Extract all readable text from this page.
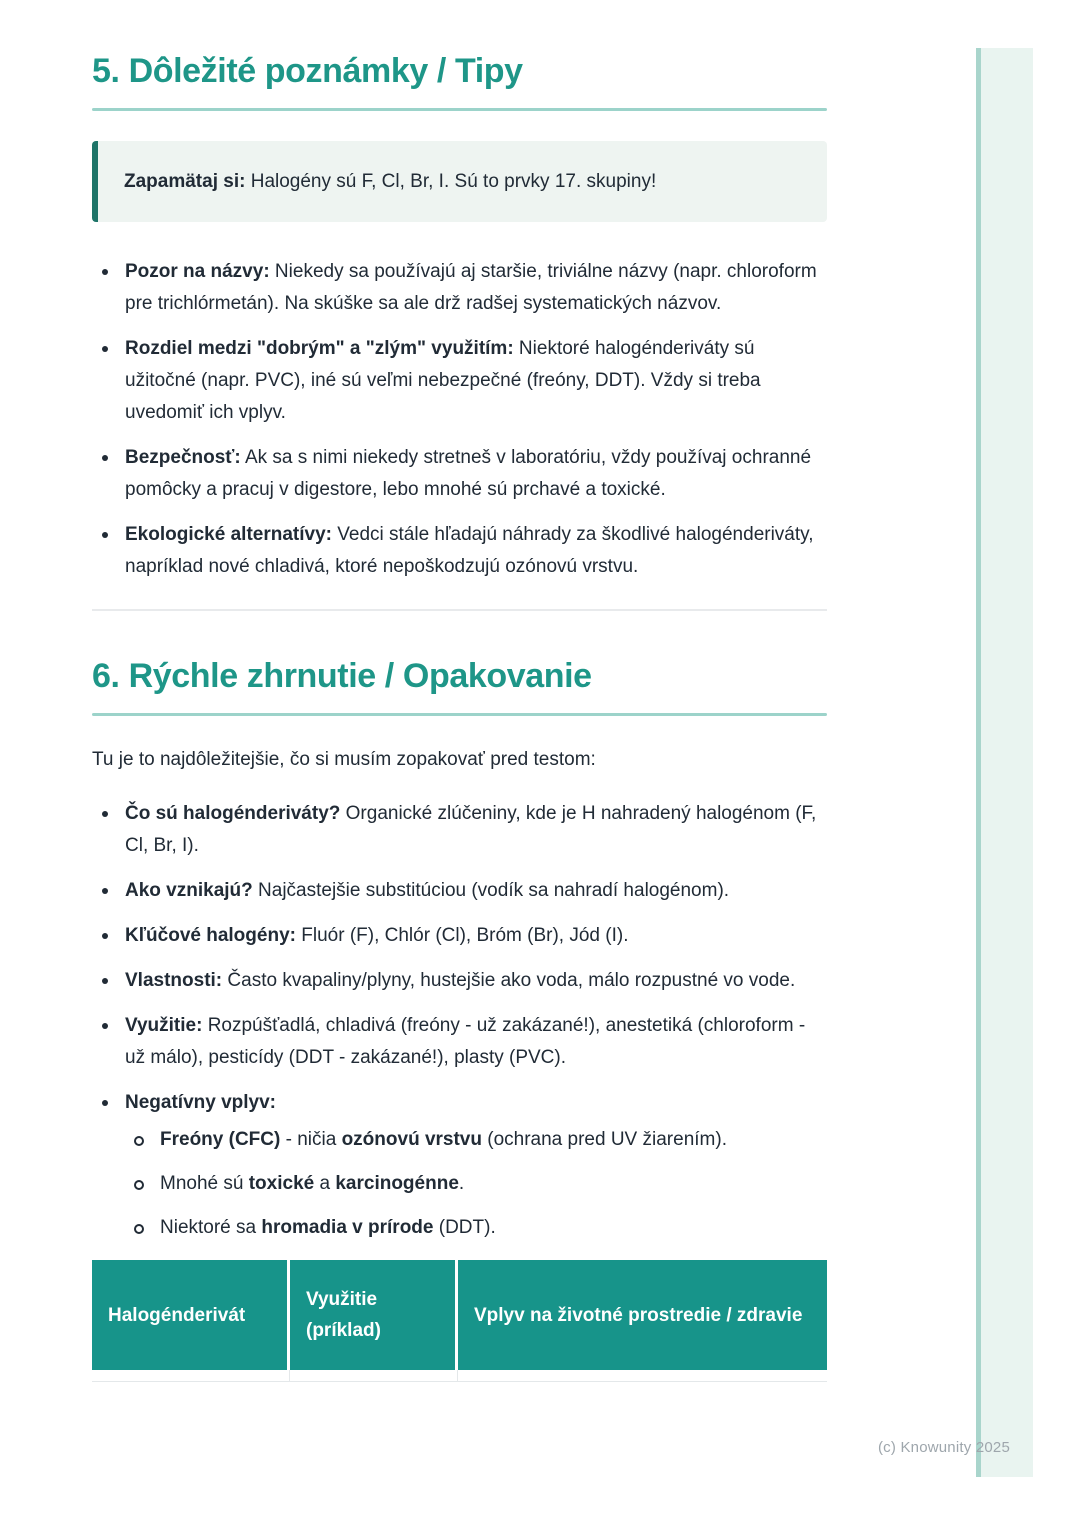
5. Dôležité poznámky / Tipy
Zapamätaj si: Halogény sú F, Cl, Br, I. Sú to prvky 17. skupiny!
Pozor na názvy: Niekedy sa používajú aj staršie, triviálne názvy (napr. chloroform pre trichlórmetán). Na skúške sa ale drž radšej systematických názvov.
Rozdiel medzi "dobrým" a "zlým" využitím: Niektoré halogénderiváty sú užitočné (napr. PVC), iné sú veľmi nebezpečné (freóny, DDT). Vždy si treba uvedomiť ich vplyv.
Bezpečnosť: Ak sa s nimi niekedy stretneš v laboratóriu, vždy používaj ochranné pomôcky a pracuj v digestore, lebo mnohé sú prchavé a toxické.
Ekologické alternatívy: Vedci stále hľadajú náhrady za škodlivé halogénderiváty, napríklad nové chladivá, ktoré nepoškodzujú ozónovú vrstvu.
6. Rýchle zhrnutie / Opakovanie

Tu je to najdôležitejšie, čo si musím zopakovať pred testom:

Čo sú halogénderiváty? Organické zlúčeniny, kde je H nahradený halogénom (F, Cl, Br, I).
Ako vznikajú? Najčastejšie substitúciou (vodík sa nahradí halogénom).
Kľúčové halogény: Fluór (F), Chlór (Cl), Bróm (Br), Jód (I).
Vlastnosti: Často kvapaliny/plyny, hustejšie ako voda, málo rozpustné vo vode.
Využitie: Rozpúšťadlá, chladivá (freóny - už zakázané!), anestetiká (chloroform - už málo), pesticídy (DDT - zakázané!), plasty (PVC).
Negatívny vplyv:
Freóny (CFC) - ničia ozónovú vrstvu (ochrana pred UV žiarením).
Mnohé sú toxické a karcinogénne.
Niektoré sa hromadia v prírode (DDT).
Halogénderivát
Využitie (príklad)
Vplyv na životné prostredie / zdravie
(c) Knowunity 2025
